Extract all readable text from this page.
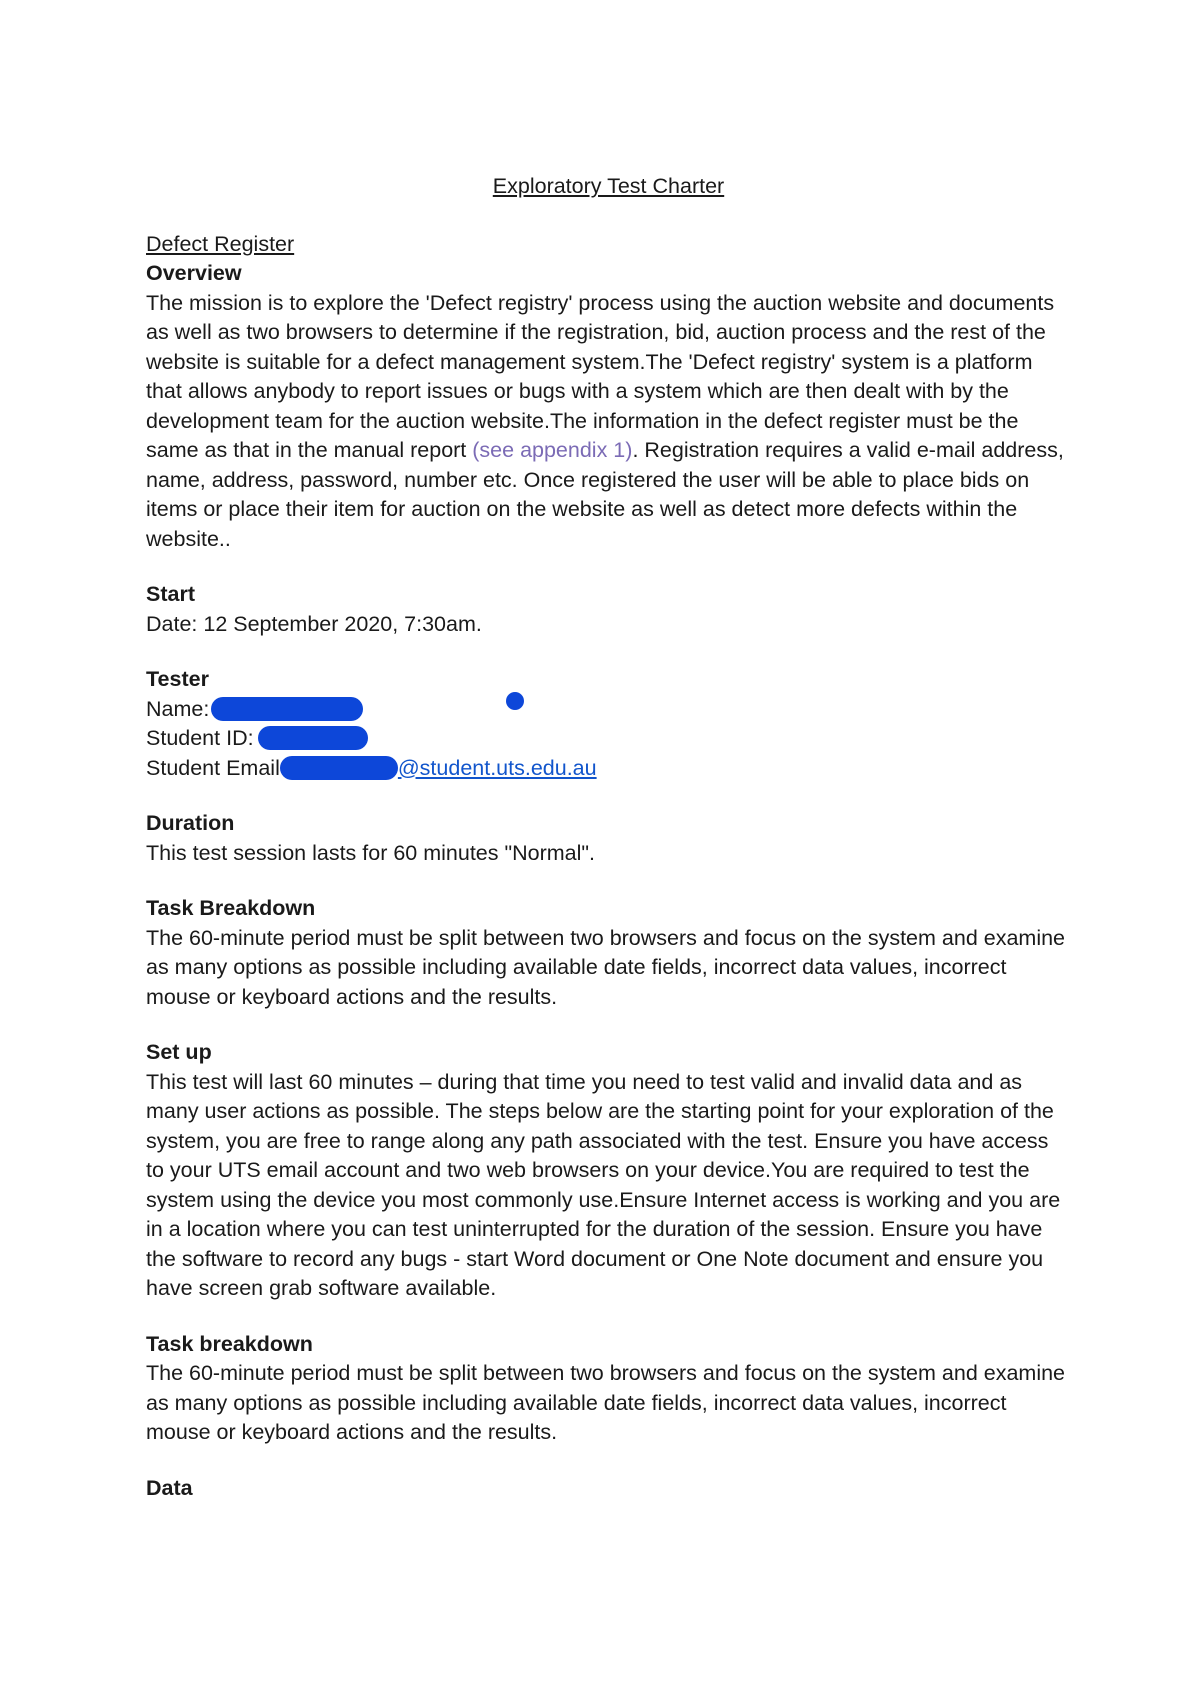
Exploratory Test Charter

Defect Register

Overview

The mission is to explore the 'Defect registry' process using the auction website and documents as well as two browsers to determine if the registration, bid, auction process and the rest of the website is suitable for a defect management system.The 'Defect registry' system is a platform that allows anybody to report issues or bugs with a system which are then dealt with by the development team for the auction website.The information in the defect register must be the same as that in the manual report (see appendix 1). Registration requires a valid e-mail address, name, address, password, number etc. Once registered the user will be able to place bids on items or place their item for auction on the website as well as detect more defects within the website..

Start

Date: 12 September 2020, 7:30am.

Tester

Name:

Student ID:

Student Email	@student.uts.edu.au

Duration

This test session lasts for 60 minutes "Normal".

Task Breakdown

The 60-minute period must be split between two browsers and focus on the system and examine as many options as possible including available date fields, incorrect data values, incorrect mouse or keyboard actions and the results.

Set up

This test will last 60 minutes – during that time you need to test valid and invalid data and as many user actions as possible. The steps below are the starting point for your exploration of the system, you are free to range along any path associated with the test. Ensure you have access to your UTS email account and two web browsers on your device.You are required to test the system using the device you most commonly use.Ensure Internet access is working and you are in a location where you can test uninterrupted for the duration of the session. Ensure you have the software to record any bugs - start Word document or One Note document and ensure you have screen grab software available.

Task breakdown

The 60-minute period must be split between two browsers and focus on the system and examine as many options as possible including available date fields, incorrect data values, incorrect mouse or keyboard actions and the results.

Data
